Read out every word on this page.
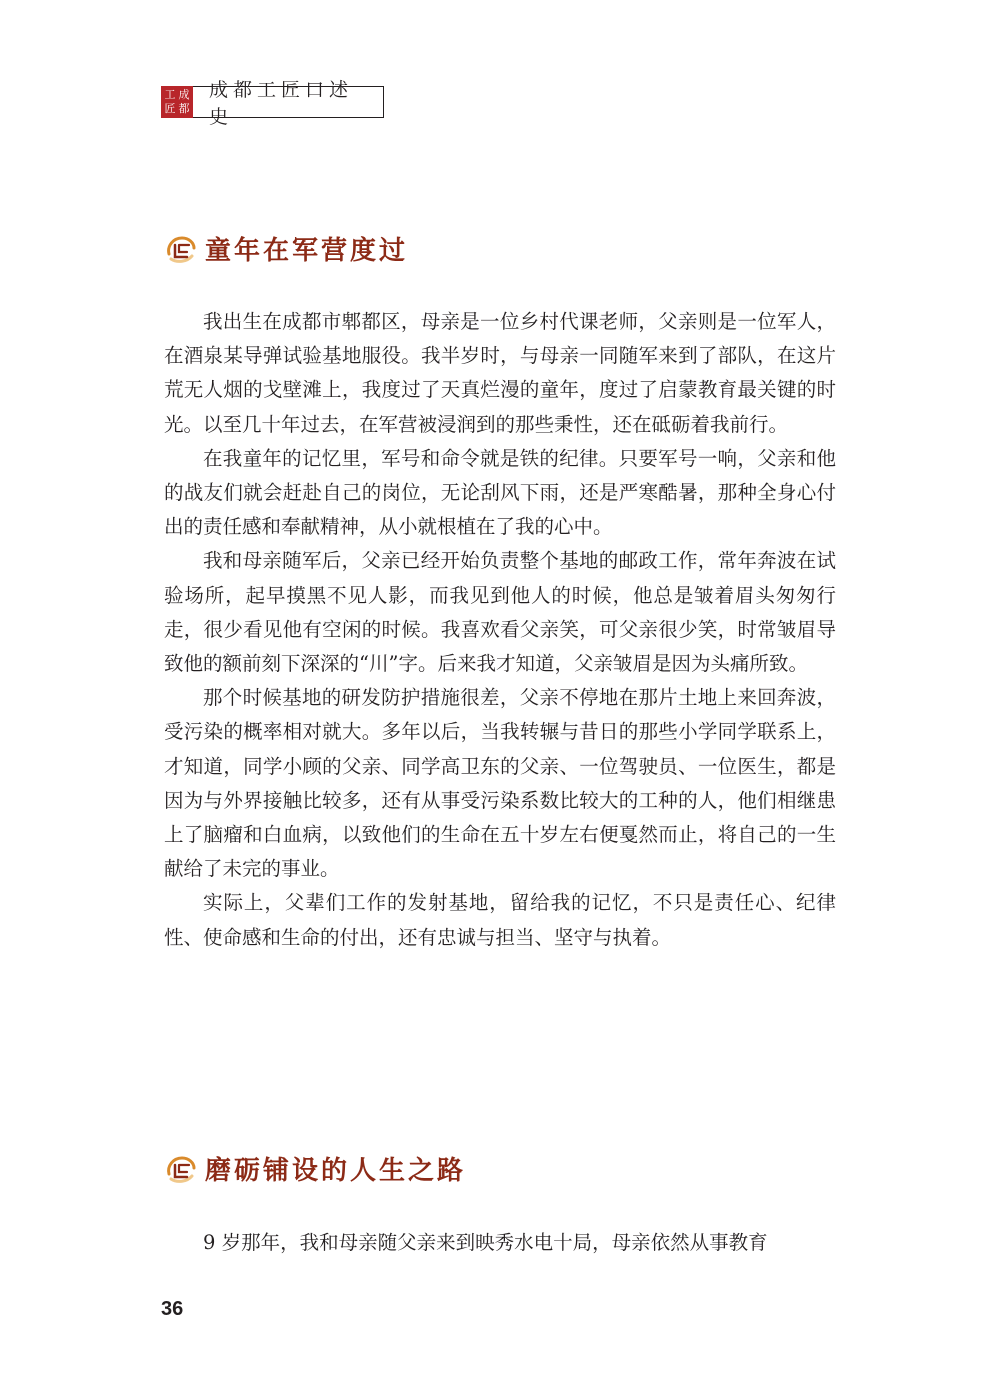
工 成
匠 都
成都工匠口述史
童年在军营度过

我出生在成都市郫都区，母亲是一位乡村代课老师，父亲则是一位军人，在酒泉某导弹试验基地服役。我半岁时，与母亲一同随军来到了部队，在这片荒无人烟的戈壁滩上，我度过了天真烂漫的童年，度过了启蒙教育最关键的时光。以至几十年过去，在军营被浸润到的那些秉性，还在砥砺着我前行。

在我童年的记忆里，军号和命令就是铁的纪律。只要军号一响，父亲和他的战友们就会赶赴自己的岗位，无论刮风下雨，还是严寒酷暑，那种全身心付出的责任感和奉献精神，从小就根植在了我的心中。

我和母亲随军后，父亲已经开始负责整个基地的邮政工作，常年奔波在试验场所，起早摸黑不见人影，而我见到他人的时候，他总是皱着眉头匆匆行走，很少看见他有空闲的时候。我喜欢看父亲笑，可父亲很少笑，时常皱眉导致他的额前刻下深深的“川”字。后来我才知道，父亲皱眉是因为头痛所致。

那个时候基地的研发防护措施很差，父亲不停地在那片土地上来回奔波，受污染的概率相对就大。多年以后，当我转辗与昔日的那些小学同学联系上，才知道，同学小顾的父亲、同学高卫东的父亲、一位驾驶员、一位医生，都是因为与外界接触比较多，还有从事受污染系数比较大的工种的人，他们相继患上了脑瘤和白血病，以致他们的生命在五十岁左右便戛然而止，将自己的一生献给了未完的事业。

实际上，父辈们工作的发射基地，留给我的记忆，不只是责任心、纪律性、使命感和生命的付出，还有忠诚与担当、坚守与执着。

磨砺铺设的人生之路

9 岁那年，我和母亲随父亲来到映秀水电十局，母亲依然从事教育

36
